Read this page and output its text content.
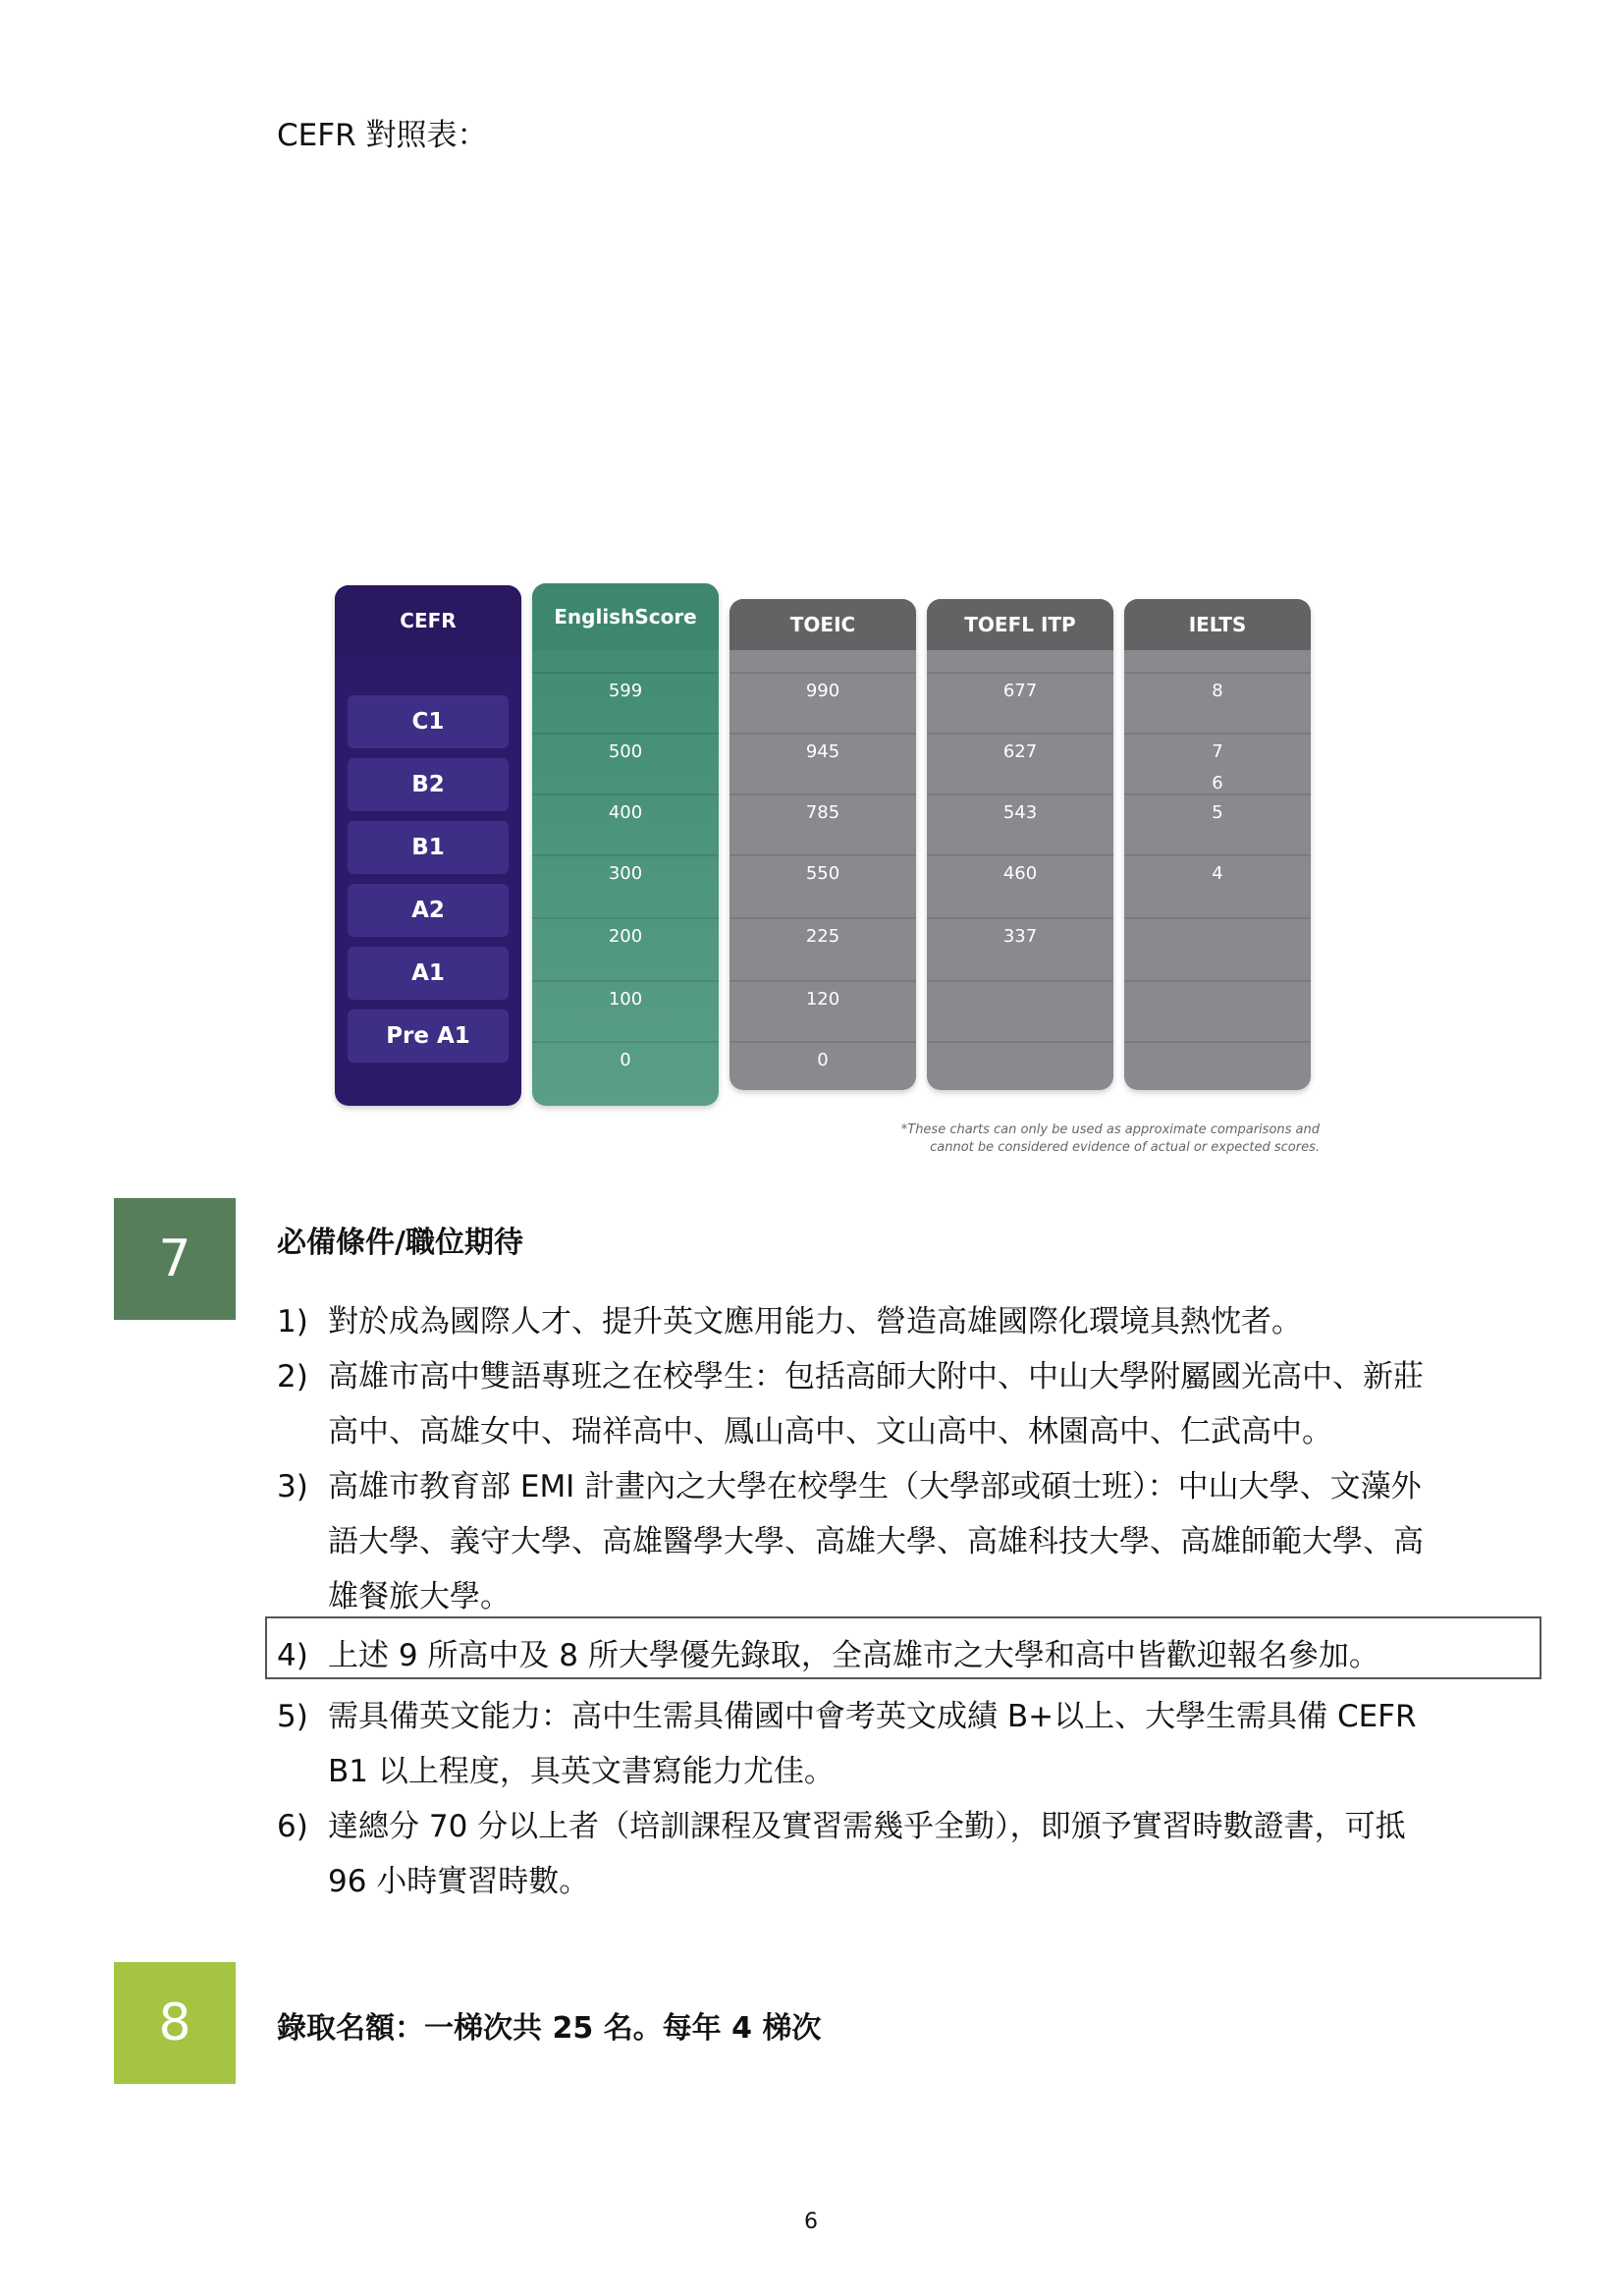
CEFR 對照表：
CEFR
C1
B2
B1
A2
A1
Pre A1
EnglishScore
599
500
400
300
200
100
0
TOEIC
990
945
785
550
225
120
0
TOEFL ITP
677
627
543
460
337
IELTS
8
7
6
5
4
*These charts can only be used as approximate comparisons and
cannot be considered evidence of actual or expected scores.
7	必備條件/職位期待
1) 對於成為國際人才、提升英文應用能力、營造高雄國際化環境具熱忱者。
2) 高雄市高中雙語專班之在校學生：包括高師大附中、中山大學附屬國光高中、新莊
高中、高雄女中、瑞祥高中、鳳山高中、文山高中、林園高中、仁武高中。
3) 高雄市教育部 EMI 計畫內之大學在校學生（大學部或碩士班）：中山大學、文藻外
語大學、義守大學、高雄醫學大學、高雄大學、高雄科技大學、高雄師範大學、高
雄餐旅大學。
4) 上述 9 所高中及 8 所大學優先錄取，全高雄市之大學和高中皆歡迎報名參加。
5) 需具備英文能力：高中生需具備國中會考英文成績 B+以上、大學生需具備 CEFR
B1 以上程度，具英文書寫能力尤佳。
6) 達總分 70 分以上者（培訓課程及實習需幾乎全勤），即頒予實習時數證書，可抵
96 小時實習時數。
8	錄取名額：一梯次共 25 名。每年 4 梯次
6
